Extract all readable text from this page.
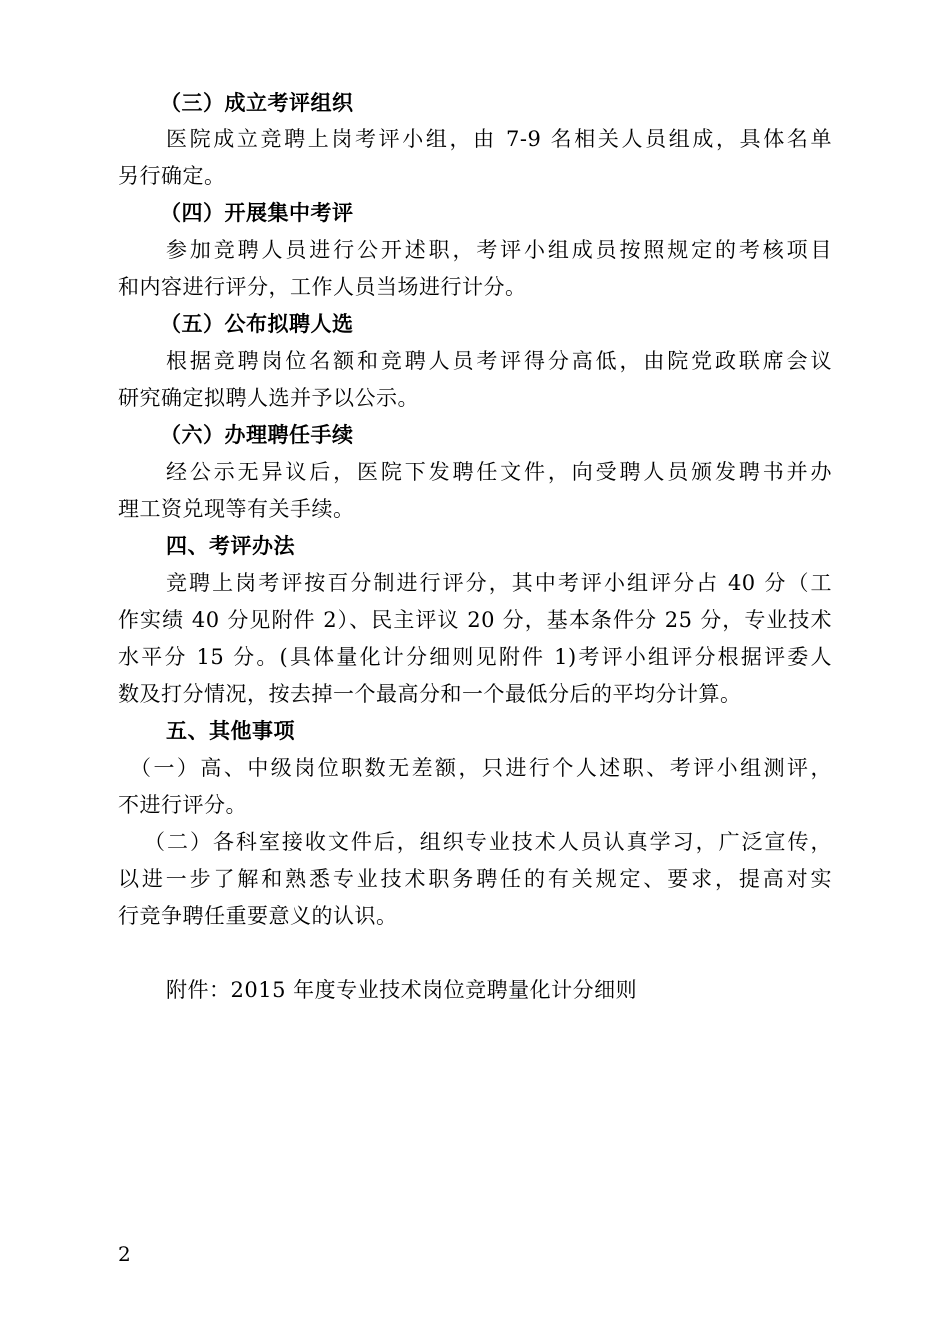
（三）成立考评组织
医院成立竞聘上岗考评小组，由 7-9 名相关人员组成，具体名单
另行确定。
（四）开展集中考评
参加竞聘人员进行公开述职，考评小组成员按照规定的考核项目
和内容进行评分，工作人员当场进行计分。
（五）公布拟聘人选
根据竞聘岗位名额和竞聘人员考评得分高低，由院党政联席会议
研究确定拟聘人选并予以公示。
（六）办理聘任手续
经公示无异议后，医院下发聘任文件，向受聘人员颁发聘书并办
理工资兑现等有关手续。
四、考评办法
竞聘上岗考评按百分制进行评分，其中考评小组评分占 40 分（工
作实绩 40 分见附件 2）、民主评议 20 分，基本条件分 25 分，专业技术
水平分 15 分。(具体量化计分细则见附件 1)考评小组评分根据评委人
数及打分情况，按去掉一个最高分和一个最低分后的平均分计算。
五、其他事项
（一）高、中级岗位职数无差额，只进行个人述职、考评小组测评，
不进行评分。
（二）各科室接收文件后，组织专业技术人员认真学习，广泛宣传，
以进一步了解和熟悉专业技术职务聘任的有关规定、要求，提高对实
行竞争聘任重要意义的认识。
附件：2015 年度专业技术岗位竞聘量化计分细则
2
